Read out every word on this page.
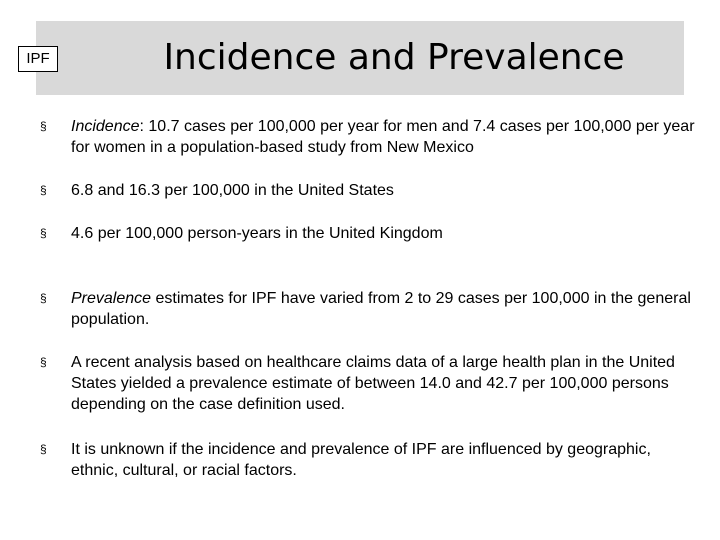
Incidence and Prevalence
IPF
§	Incidence: 10.7 cases per 100,000 per year for men and 7.4 cases per 100,000 per year for women in a population-based study from New Mexico
§	6.8 and 16.3 per 100,000 in the United States
§	4.6 per 100,000 person-years in the United Kingdom
§	Prevalence estimates for IPF have varied from 2 to 29 cases per 100,000 in the general population.
§	A recent analysis based on healthcare claims data of a large health plan in the United States yielded a prevalence estimate of between 14.0 and 42.7 per 100,000 persons depending on the case definition used.
§	It is unknown if the incidence and prevalence of IPF are influenced by geographic, ethnic, cultural, or racial factors.
